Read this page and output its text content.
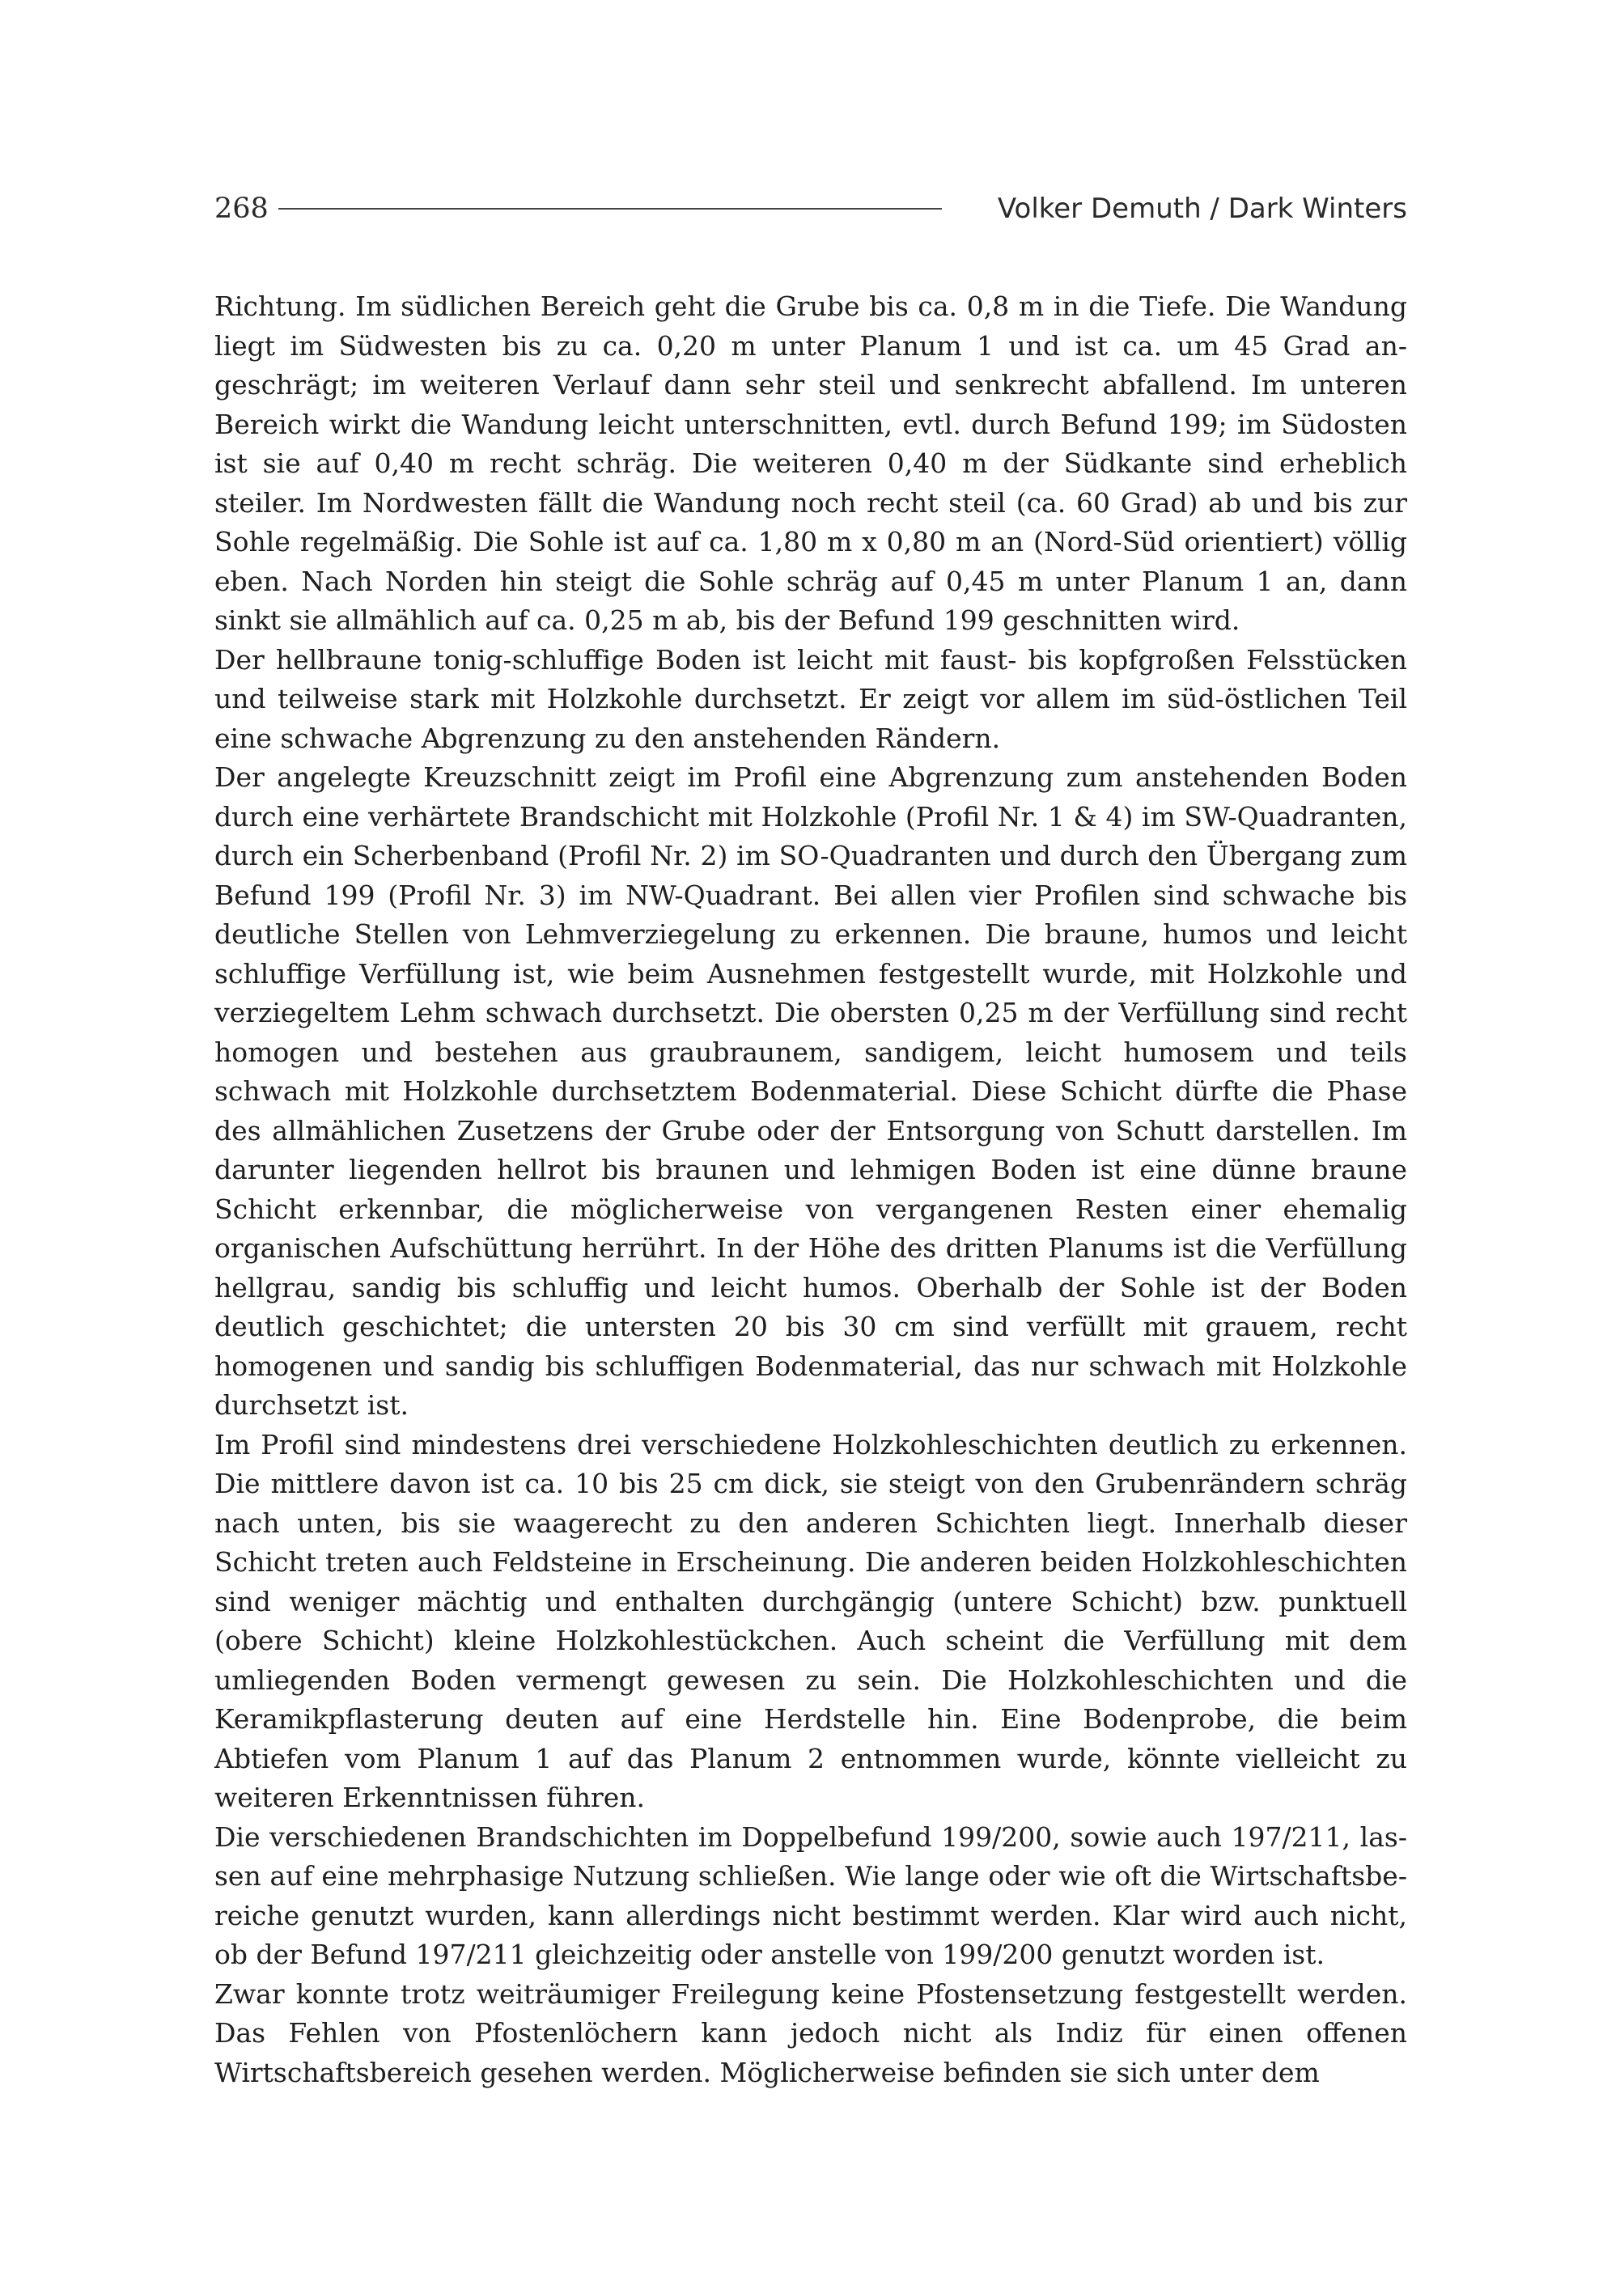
268	Volker Demuth / Dark Winters

Richtung. Im südlichen Bereich geht die Grube bis ca. 0,8 m in die Tiefe. Die Wandung liegt im Südwesten bis zu ca. 0,20 m unter Planum 1 und ist ca. um 45 Grad angeschrägt; im weiteren Verlauf dann sehr steil und senkrecht abfallend. Im unteren Bereich wirkt die Wandung leicht unterschnitten, evtl. durch Befund 199; im Südosten ist sie auf 0,40 m recht schräg. Die weiteren 0,40 m der Südkante sind erheblich steiler. Im Nordwesten fällt die Wandung noch recht steil (ca. 60 Grad) ab und bis zur Sohle regelmäßig. Die Sohle ist auf ca. 1,80 m x 0,80 m an (Nord-Süd orientiert) völlig eben. Nach Norden hin steigt die Sohle schräg auf 0,45 m unter Planum 1 an, dann sinkt sie allmählich auf ca. 0,25 m ab, bis der Befund 199 geschnitten wird.

Der hellbraune tonig-schluffige Boden ist leicht mit faust- bis kopfgroßen Felsstücken und teilweise stark mit Holzkohle durchsetzt. Er zeigt vor allem im süd-östlichen Teil eine schwache Abgrenzung zu den anstehenden Rändern.

Der angelegte Kreuzschnitt zeigt im Profil eine Abgrenzung zum anstehenden Boden durch eine verhärtete Brandschicht mit Holzkohle (Profil Nr. 1 & 4) im SW-Quadranten, durch ein Scherbenband (Profil Nr. 2) im SO-Quadranten und durch den Übergang zum Befund 199 (Profil Nr. 3) im NW-Quadrant. Bei allen vier Profilen sind schwache bis deutliche Stellen von Lehmverziegelung zu erkennen. Die braune, humos und leicht schluffige Verfüllung ist, wie beim Ausnehmen festgestellt wurde, mit Holzkohle und verziegeltem Lehm schwach durchsetzt. Die obersten 0,25 m der Verfüllung sind recht homogen und bestehen aus graubraunem, sandigem, leicht humosem und teils schwach mit Holzkohle durchsetztem Bodenmaterial. Diese Schicht dürfte die Phase des allmählichen Zusetzens der Grube oder der Entsorgung von Schutt darstellen. Im darunter liegenden hellrot bis braunen und lehmigen Boden ist eine dünne braune Schicht erkennbar, die möglicherweise von vergangenen Resten einer ehemalig organischen Aufschüttung herrührt. In der Höhe des dritten Planums ist die Verfüllung hellgrau, sandig bis schluffig und leicht humos. Oberhalb der Sohle ist der Boden deutlich geschichtet; die untersten 20 bis 30 cm sind verfüllt mit grauem, recht homogenen und sandig bis schluffigen Bodenmaterial, das nur schwach mit Holzkohle durchsetzt ist.

Im Profil sind mindestens drei verschiedene Holzkohleschichten deutlich zu erkennen. Die mittlere davon ist ca. 10 bis 25 cm dick, sie steigt von den Grubenrändern schräg nach unten, bis sie waagerecht zu den anderen Schichten liegt. Innerhalb dieser Schicht treten auch Feldsteine in Erscheinung. Die anderen beiden Holzkohleschichten sind weniger mächtig und enthalten durchgängig (untere Schicht) bzw. punktuell (obere Schicht) kleine Holzkohlestückchen. Auch scheint die Verfüllung mit dem umliegenden Boden vermengt gewesen zu sein. Die Holzkohleschichten und die Keramikpflasterung deuten auf eine Herdstelle hin. Eine Bodenprobe, die beim Abtiefen vom Planum 1 auf das Planum 2 entnommen wurde, könnte vielleicht zu weiteren Erkenntnissen führen.

Die verschiedenen Brandschichten im Doppelbefund 199/200, sowie auch 197/211, lassen auf eine mehrphasige Nutzung schließen. Wie lange oder wie oft die Wirtschaftsbereiche genutzt wurden, kann allerdings nicht bestimmt werden. Klar wird auch nicht, ob der Befund 197/211 gleichzeitig oder anstelle von 199/200 genutzt worden ist.

Zwar konnte trotz weiträumiger Freilegung keine Pfostensetzung festgestellt werden. Das Fehlen von Pfostenlöchern kann jedoch nicht als Indiz für einen offenen Wirtschaftsbereich gesehen werden. Möglicherweise befinden sie sich unter dem
